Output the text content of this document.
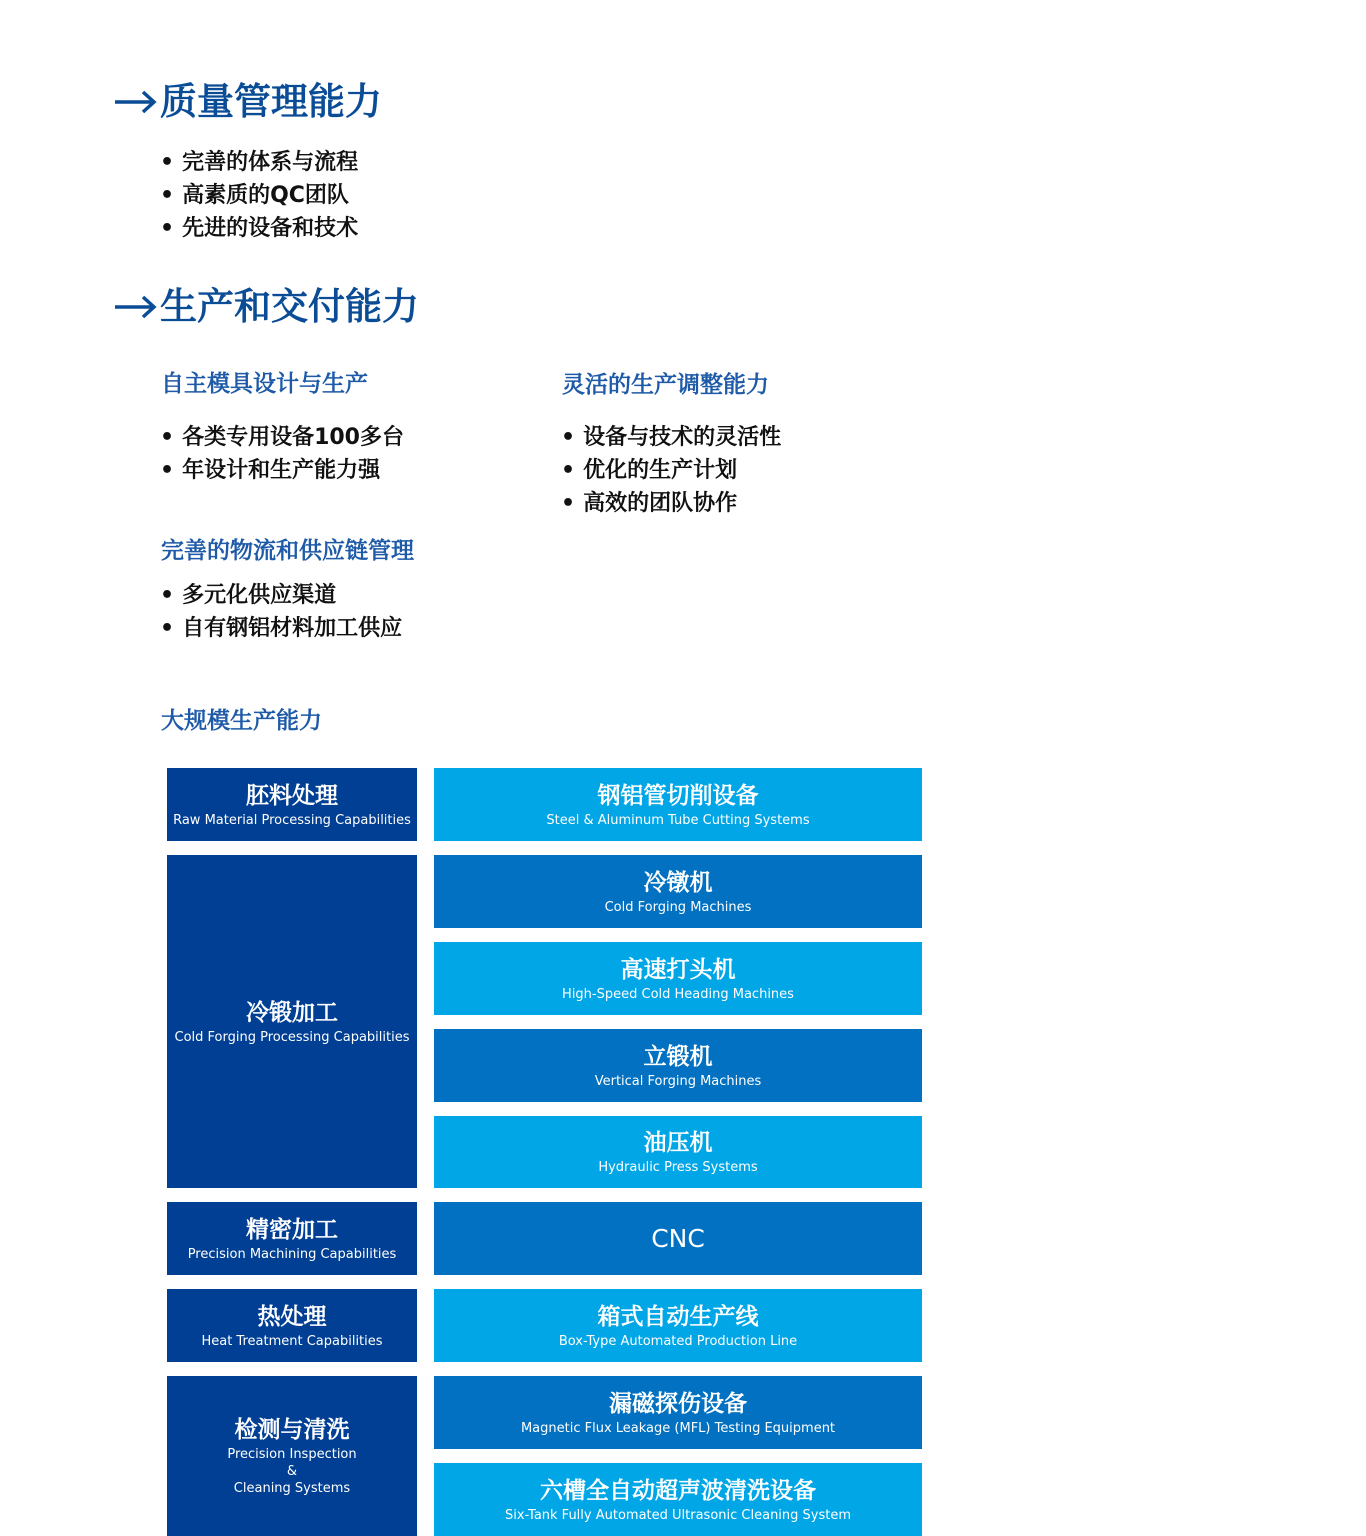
质量管理能力
• 完善的体系与流程
• 高素质的QC团队
• 先进的设备和技术
生产和交付能力
自主模具设计与生产
• 各类专用设备100多台
• 年设计和生产能力强
灵活的生产调整能力
• 设备与技术的灵活性
• 优化的生产计划
• 高效的团队协作
完善的物流和供应链管理
• 多元化供应渠道
• 自有钢铝材料加工供应
大规模生产能力
胚料处理
Raw Material Processing Capabilities
冷锻加工
Cold Forging Processing Capabilities
精密加工
Precision Machining Capabilities
热处理
Heat Treatment Capabilities
检测与清洗
Precision Inspection
&
Cleaning Systems
钢铝管切削设备
Steel & Aluminum Tube Cutting Systems
冷镦机
Cold Forging Machines
高速打头机
High-Speed Cold Heading Machines
立锻机
Vertical Forging Machines
油压机
Hydraulic Press Systems
CNC
箱式自动生产线
Box-Type Automated Production Line
漏磁探伤设备
Magnetic Flux Leakage (MFL) Testing Equipment
六槽全自动超声波清洗设备
Six-Tank Fully Automated Ultrasonic Cleaning System
